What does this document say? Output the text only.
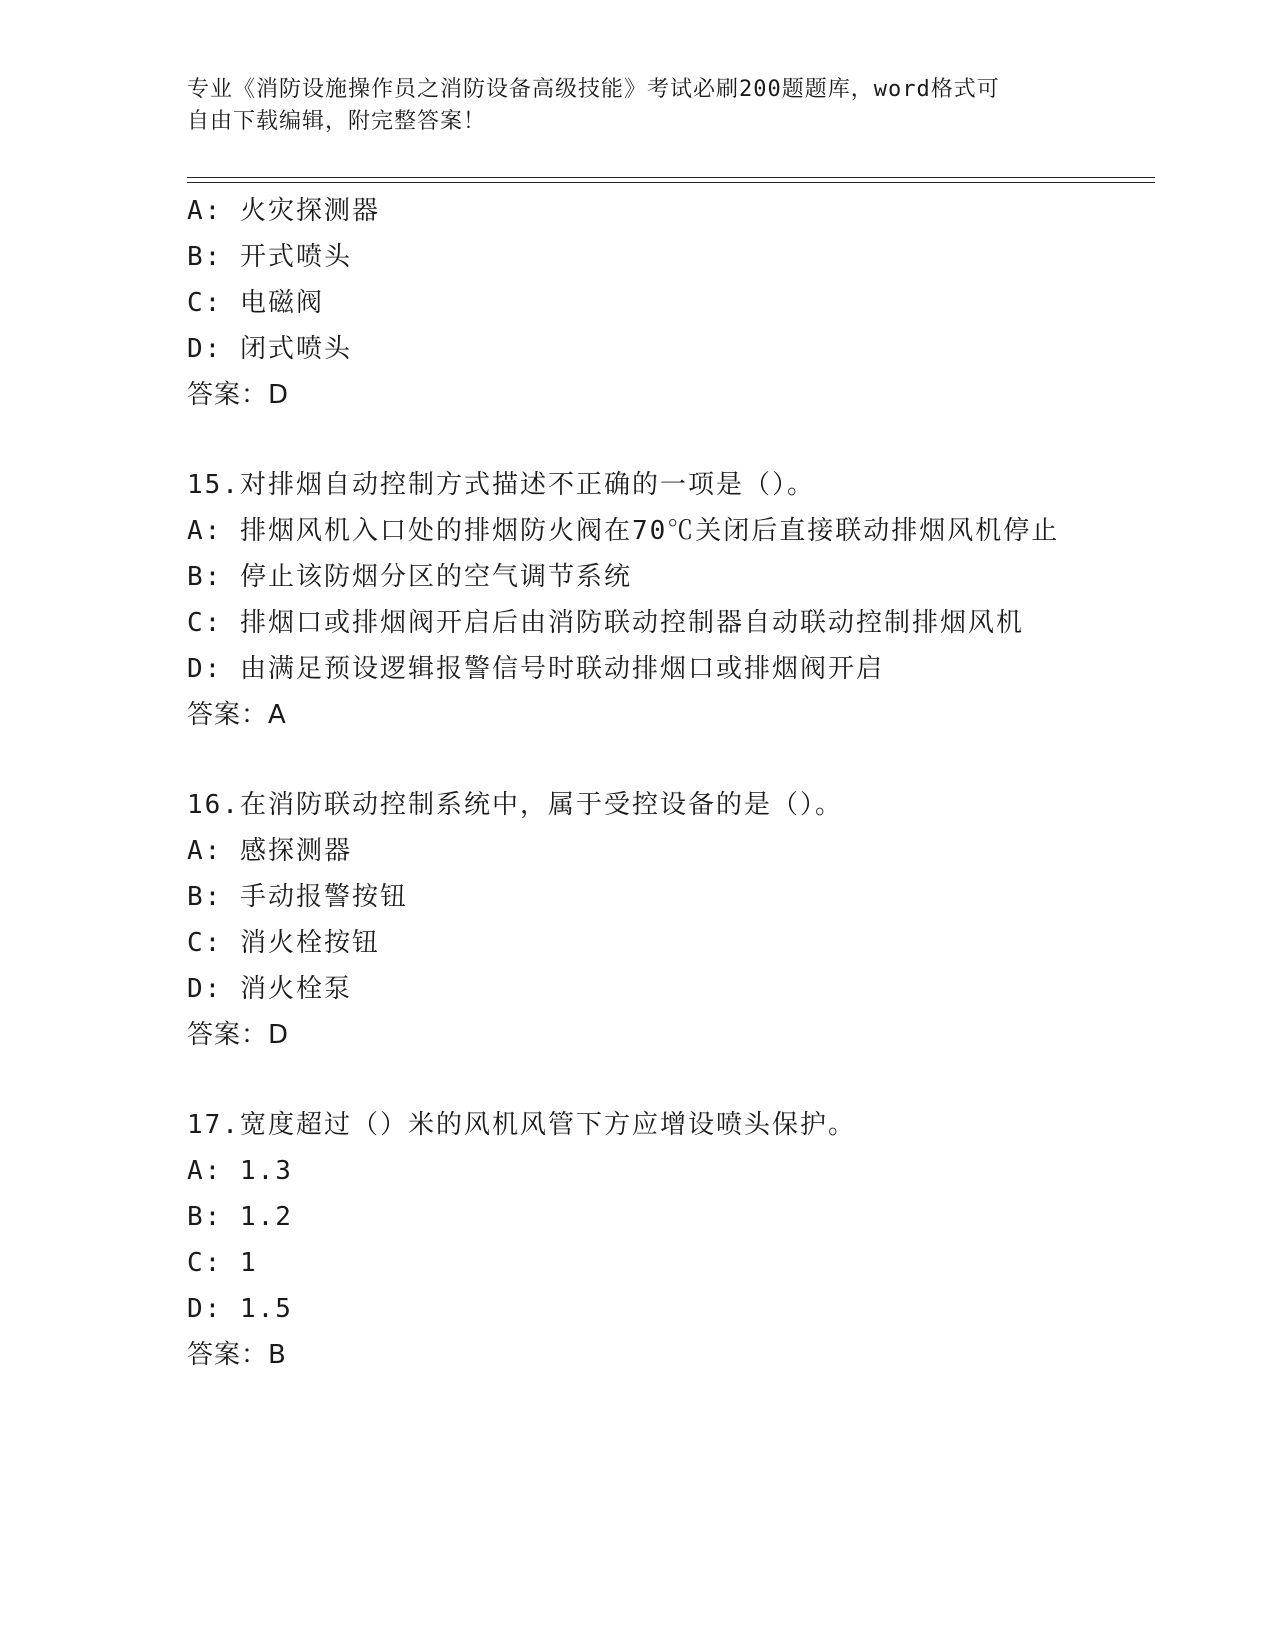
专业《消防设施操作员之消防设备高级技能》考试必刷200题题库，word格式可
自由下载编辑，附完整答案！
A: 火灾探测器
B: 开式喷头
C: 电磁阀
D: 闭式喷头
答案：D
15.对排烟自动控制方式描述不正确的一项是（）。
A: 排烟风机入口处的排烟防火阀在70℃关闭后直接联动排烟风机停止
B: 停止该防烟分区的空气调节系统
C: 排烟口或排烟阀开启后由消防联动控制器自动联动控制排烟风机
D: 由满足预设逻辑报警信号时联动排烟口或排烟阀开启
答案：A
16.在消防联动控制系统中，属于受控设备的是（）。
A: 感探测器
B: 手动报警按钮
C: 消火栓按钮
D: 消火栓泵
答案：D
17.宽度超过（）米的风机风管下方应增设喷头保护。
A: 1.3
B: 1.2
C: 1
D: 1.5
答案：B
